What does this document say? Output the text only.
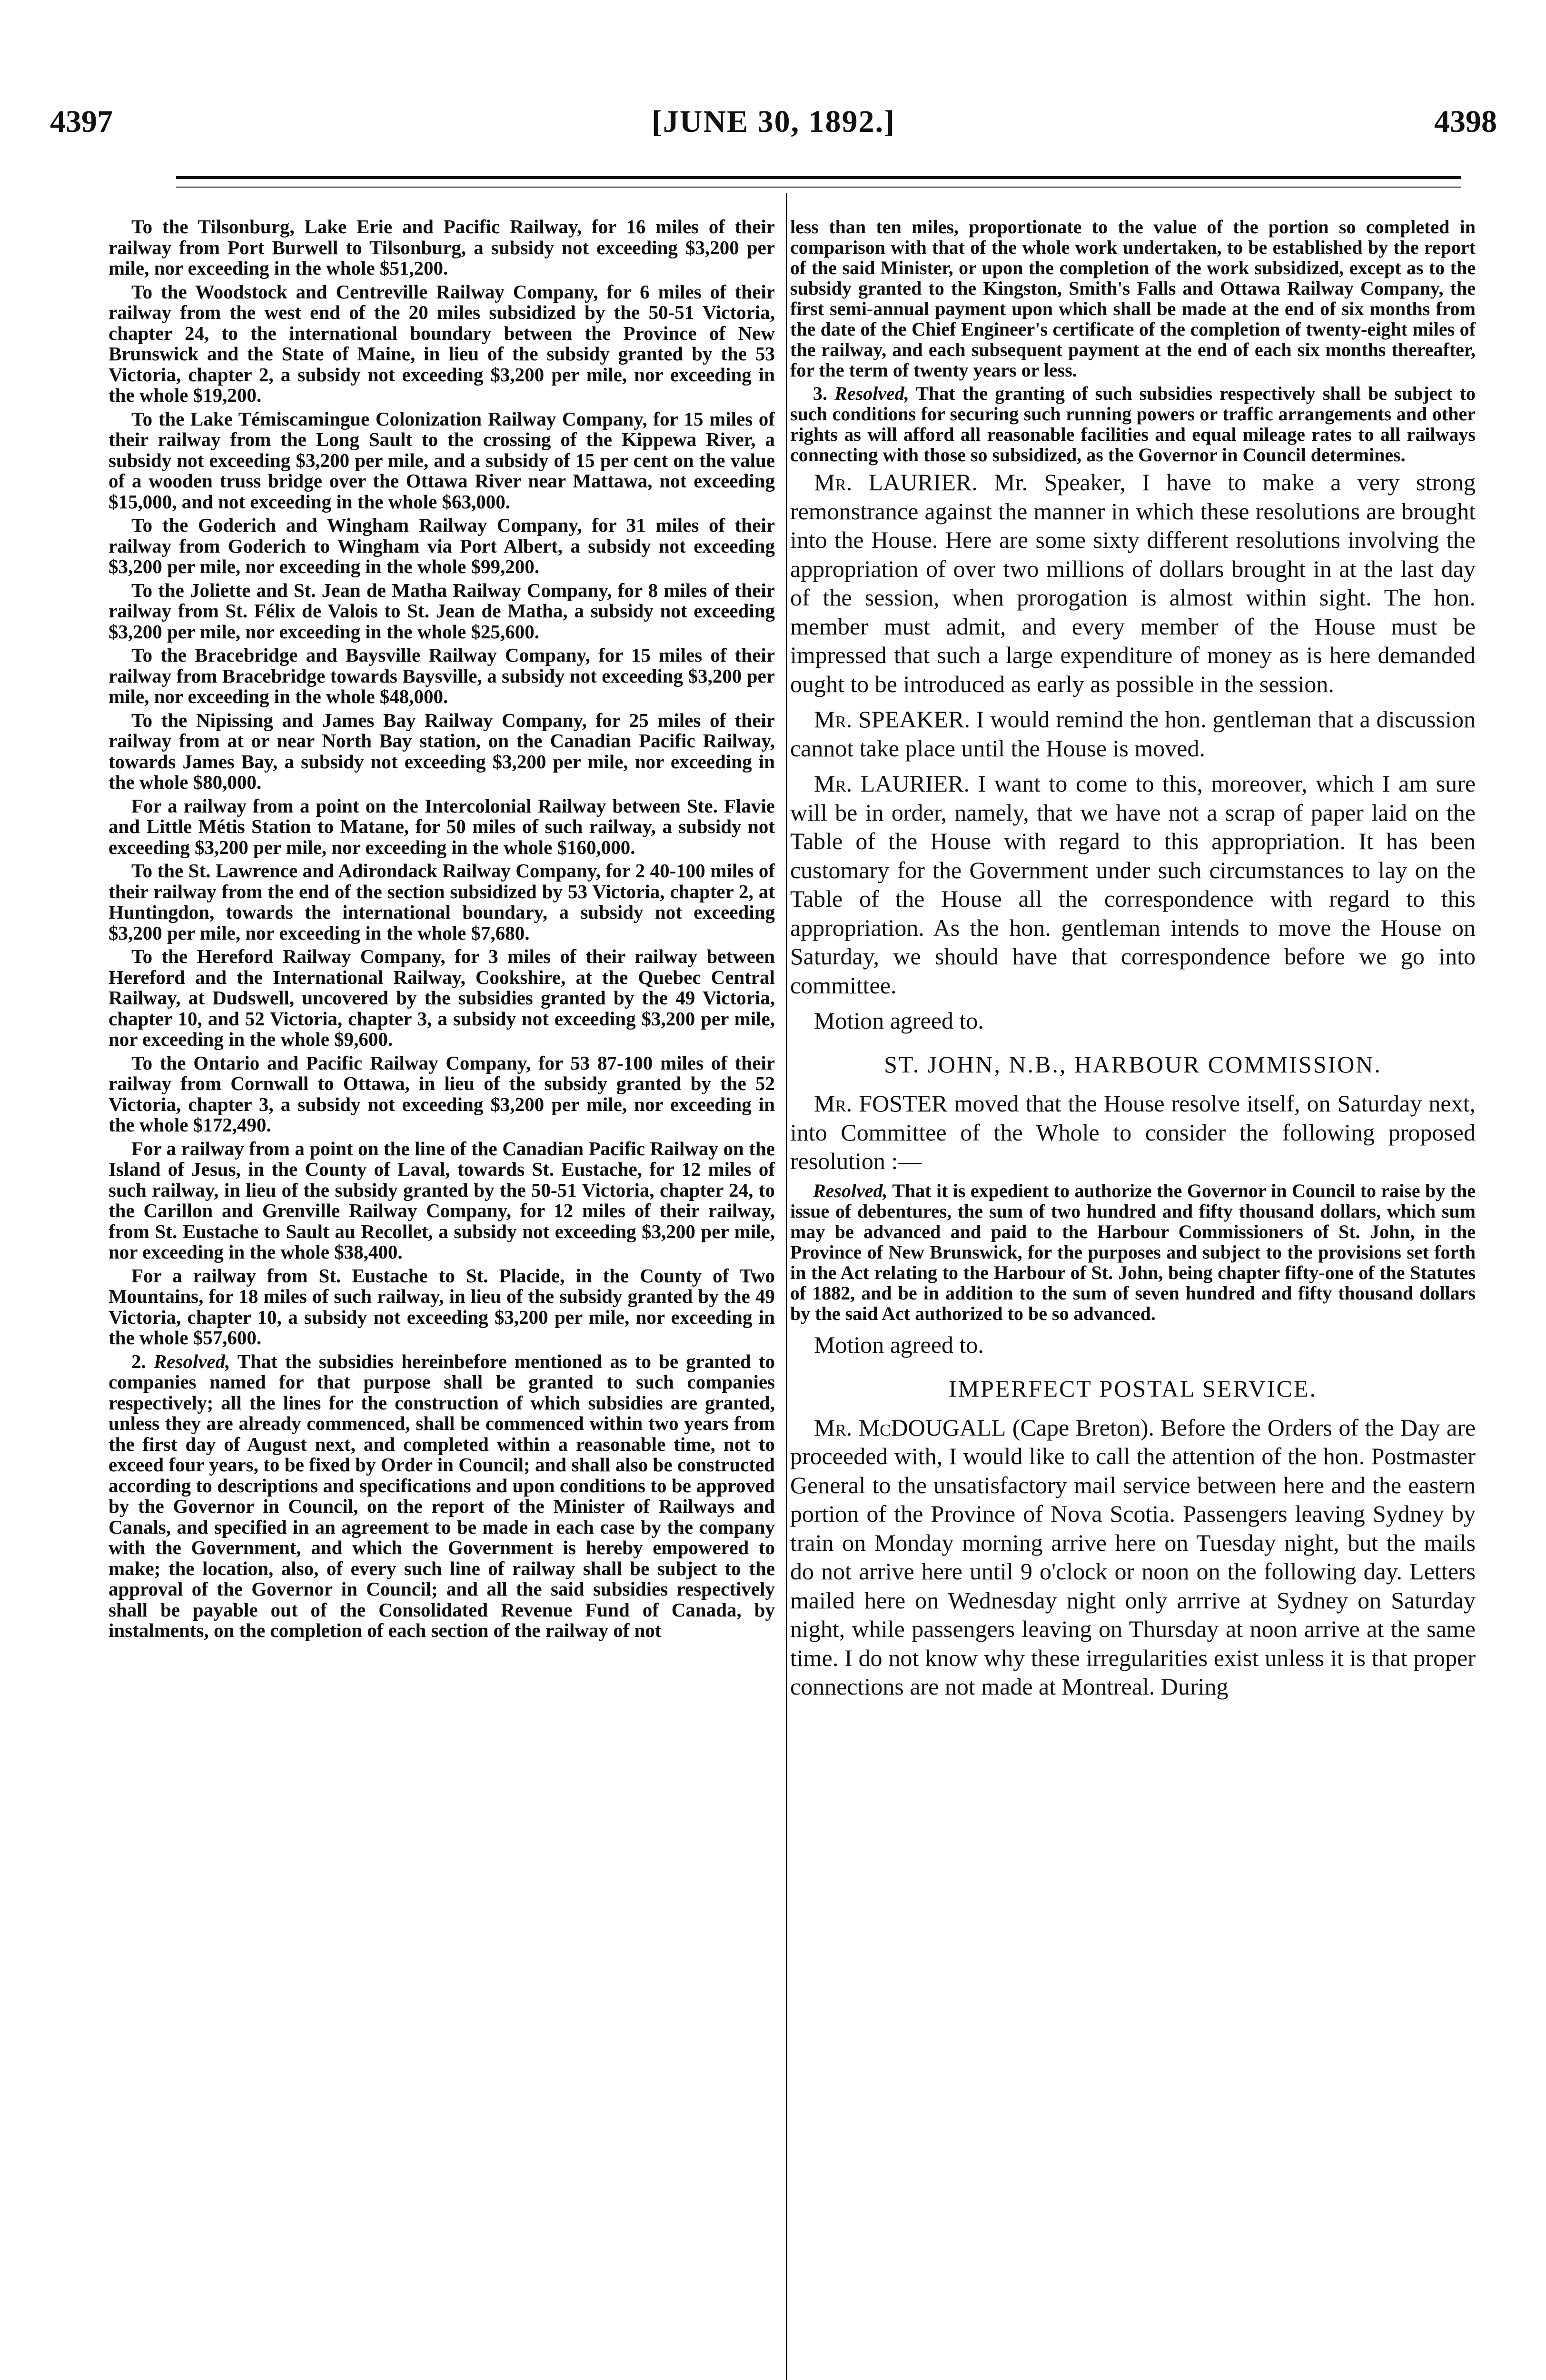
4397	[JUNE 30, 1892.]	4398

To the Tilsonburg, Lake Erie and Pacific Railway, for 16 miles of their railway from Port Burwell to Tilsonburg, a subsidy not exceeding $3,200 per mile, nor exceeding in the whole $51,200.

To the Woodstock and Centreville Railway Company, for 6 miles of their railway from the west end of the 20 miles subsidized by the 50-51 Victoria, chapter 24, to the international boundary between the Province of New Brunswick and the State of Maine, in lieu of the subsidy granted by the 53 Victoria, chapter 2, a subsidy not exceeding $3,200 per mile, nor exceeding in the whole $19,200.

To the Lake Témiscamingue Colonization Railway Company, for 15 miles of their railway from the Long Sault to the crossing of the Kippewa River, a subsidy not exceeding $3,200 per mile, and a subsidy of 15 per cent on the value of a wooden truss bridge over the Ottawa River near Mattawa, not exceeding $15,000, and not exceeding in the whole $63,000.

To the Goderich and Wingham Railway Company, for 31 miles of their railway from Goderich to Wingham via Port Albert, a subsidy not exceeding $3,200 per mile, nor exceeding in the whole $99,200.

To the Joliette and St. Jean de Matha Railway Company, for 8 miles of their railway from St. Félix de Valois to St. Jean de Matha, a subsidy not exceeding $3,200 per mile, nor exceeding in the whole $25,600.

To the Bracebridge and Baysville Railway Company, for 15 miles of their railway from Bracebridge towards Baysville, a subsidy not exceeding $3,200 per mile, nor exceeding in the whole $48,000.

To the Nipissing and James Bay Railway Company, for 25 miles of their railway from at or near North Bay station, on the Canadian Pacific Railway, towards James Bay, a subsidy not exceeding $3,200 per mile, nor exceeding in the whole $80,000.

For a railway from a point on the Intercolonial Railway between Ste. Flavie and Little Métis Station to Matane, for 50 miles of such railway, a subsidy not exceeding $3,200 per mile, nor exceeding in the whole $160,000.

To the St. Lawrence and Adirondack Railway Company, for 2 40-100 miles of their railway from the end of the section subsidized by 53 Victoria, chapter 2, at Huntingdon, towards the international boundary, a subsidy not exceeding $3,200 per mile, nor exceeding in the whole $7,680.

To the Hereford Railway Company, for 3 miles of their railway between Hereford and the International Railway, Cookshire, at the Quebec Central Railway, at Dudswell, uncovered by the subsidies granted by the 49 Victoria, chapter 10, and 52 Victoria, chapter 3, a subsidy not exceeding $3,200 per mile, nor exceeding in the whole $9,600.

To the Ontario and Pacific Railway Company, for 53 87-100 miles of their railway from Cornwall to Ottawa, in lieu of the subsidy granted by the 52 Victoria, chapter 3, a subsidy not exceeding $3,200 per mile, nor exceeding in the whole $172,490.

For a railway from a point on the line of the Canadian Pacific Railway on the Island of Jesus, in the County of Laval, towards St. Eustache, for 12 miles of such railway, in lieu of the subsidy granted by the 50-51 Victoria, chapter 24, to the Carillon and Grenville Railway Company, for 12 miles of their railway, from St. Eustache to Sault au Recollet, a subsidy not exceeding $3,200 per mile, nor exceeding in the whole $38,400.

For a railway from St. Eustache to St. Placide, in the County of Two Mountains, for 18 miles of such railway, in lieu of the subsidy granted by the 49 Victoria, chapter 10, a subsidy not exceeding $3,200 per mile, nor exceeding in the whole $57,600.

2. Resolved, That the subsidies hereinbefore mentioned as to be granted to companies named for that purpose shall be granted to such companies respectively; all the lines for the construction of which subsidies are granted, unless they are already commenced, shall be commenced within two years from the first day of August next, and completed within a reasonable time, not to exceed four years, to be fixed by Order in Council; and shall also be constructed according to descriptions and specifications and upon conditions to be approved by the Governor in Council, on the report of the Minister of Railways and Canals, and specified in an agreement to be made in each case by the company with the Government, and which the Government is hereby empowered to make; the location, also, of every such line of railway shall be subject to the approval of the Governor in Council; and all the said subsidies respectively shall be payable out of the Consolidated Revenue Fund of Canada, by instalments, on the completion of each section of the railway of not

less than ten miles, proportionate to the value of the portion so completed in comparison with that of the whole work undertaken, to be established by the report of the said Minister, or upon the completion of the work subsidized, except as to the subsidy granted to the Kingston, Smith's Falls and Ottawa Railway Company, the first semi-annual payment upon which shall be made at the end of six months from the date of the Chief Engineer's certificate of the completion of twenty-eight miles of the railway, and each subsequent payment at the end of each six months thereafter, for the term of twenty years or less.

3. Resolved, That the granting of such subsidies respectively shall be subject to such conditions for securing such running powers or traffic arrangements and other rights as will afford all reasonable facilities and equal mileage rates to all railways connecting with those so subsidized, as the Governor in Council determines.

Mr. LAURIER. Mr. Speaker, I have to make a very strong remonstrance against the manner in which these resolutions are brought into the House. Here are some sixty different resolutions involving the appropriation of over two millions of dollars brought in at the last day of the session, when prorogation is almost within sight. The hon. member must admit, and every member of the House must be impressed that such a large expenditure of money as is here demanded ought to be introduced as early as possible in the session.

Mr. SPEAKER. I would remind the hon. gentleman that a discussion cannot take place until the House is moved.

Mr. LAURIER. I want to come to this, moreover, which I am sure will be in order, namely, that we have not a scrap of paper laid on the Table of the House with regard to this appropriation. It has been customary for the Government under such circumstances to lay on the Table of the House all the correspondence with regard to this appropriation. As the hon. gentleman intends to move the House on Saturday, we should have that correspondence before we go into committee.

Motion agreed to.

ST. JOHN, N.B., HARBOUR COMMISSION.

Mr. FOSTER moved that the House resolve itself, on Saturday next, into Committee of the Whole to consider the following proposed resolution :—

Resolved, That it is expedient to authorize the Governor in Council to raise by the issue of debentures, the sum of two hundred and fifty thousand dollars, which sum may be advanced and paid to the Harbour Commissioners of St. John, in the Province of New Brunswick, for the purposes and subject to the provisions set forth in the Act relating to the Harbour of St. John, being chapter fifty-one of the Statutes of 1882, and be in addition to the sum of seven hundred and fifty thousand dollars by the said Act authorized to be so advanced.

Motion agreed to.

IMPERFECT POSTAL SERVICE.

Mr. McDOUGALL (Cape Breton). Before the Orders of the Day are proceeded with, I would like to call the attention of the hon. Postmaster General to the unsatisfactory mail service between here and the eastern portion of the Province of Nova Scotia. Passengers leaving Sydney by train on Monday morning arrive here on Tuesday night, but the mails do not arrive here until 9 o'clock or noon on the following day. Letters mailed here on Wednesday night only arrrive at Sydney on Saturday night, while passengers leaving on Thursday at noon arrive at the same time. I do not know why these irregularities exist unless it is that proper connections are not made at Montreal. During
